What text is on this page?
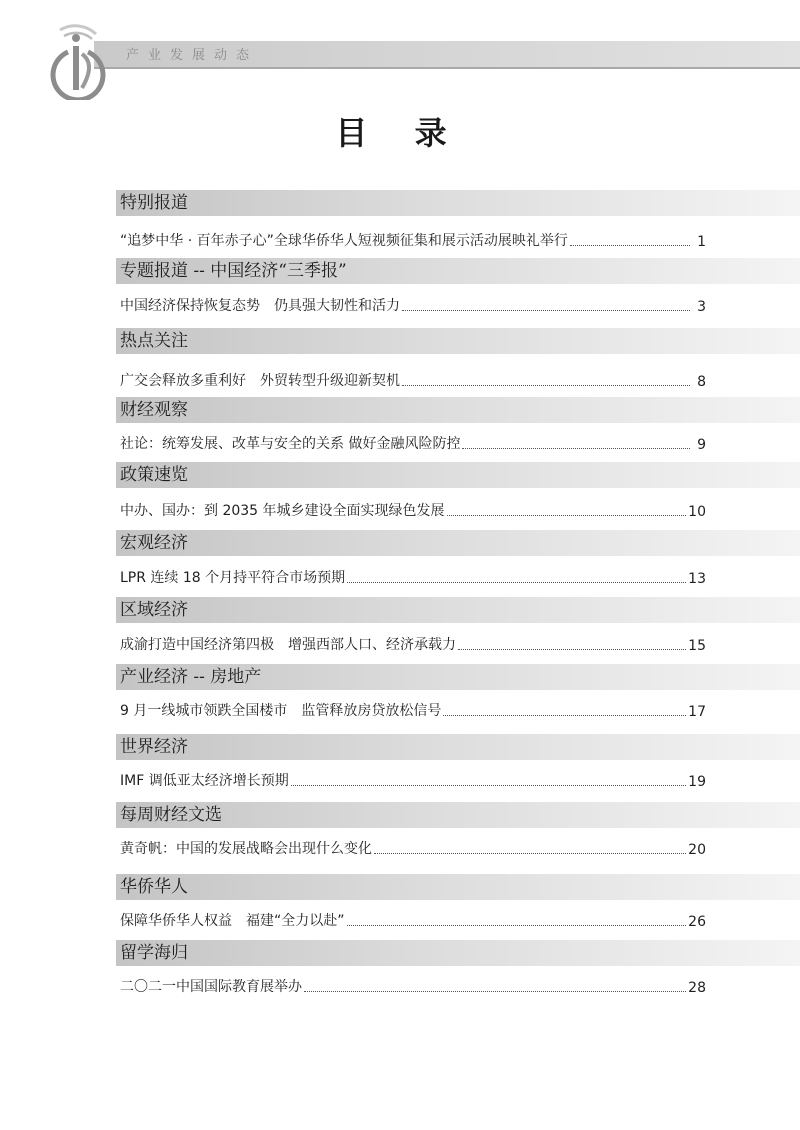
产业发展动态
目 录
特别报道
“追梦中华 · 百年赤子心”全球华侨华人短视频征集和展示活动展映礼举行	1
专题报道 -- 中国经济“三季报”
中国经济保持恢复态势　仍具强大韧性和活力	3
热点关注
广交会释放多重利好　外贸转型升级迎新契机	8
财经观察
社论：统筹发展、改革与安全的关系 做好金融风险防控	9
政策速览
中办、国办：到 2035 年城乡建设全面实现绿色发展	10
宏观经济
LPR 连续 18 个月持平符合市场预期	13
区域经济
成渝打造中国经济第四极　增强西部人口、经济承载力	15
产业经济 -- 房地产
9 月一线城市领跌全国楼市　监管释放房贷放松信号	17
世界经济
IMF 调低亚太经济增长预期	19
每周财经文选
黄奇帆：中国的发展战略会出现什么变化	20
华侨华人
保障华侨华人权益　福建“全力以赴”	26
留学海归
二〇二一中国国际教育展举办	28
